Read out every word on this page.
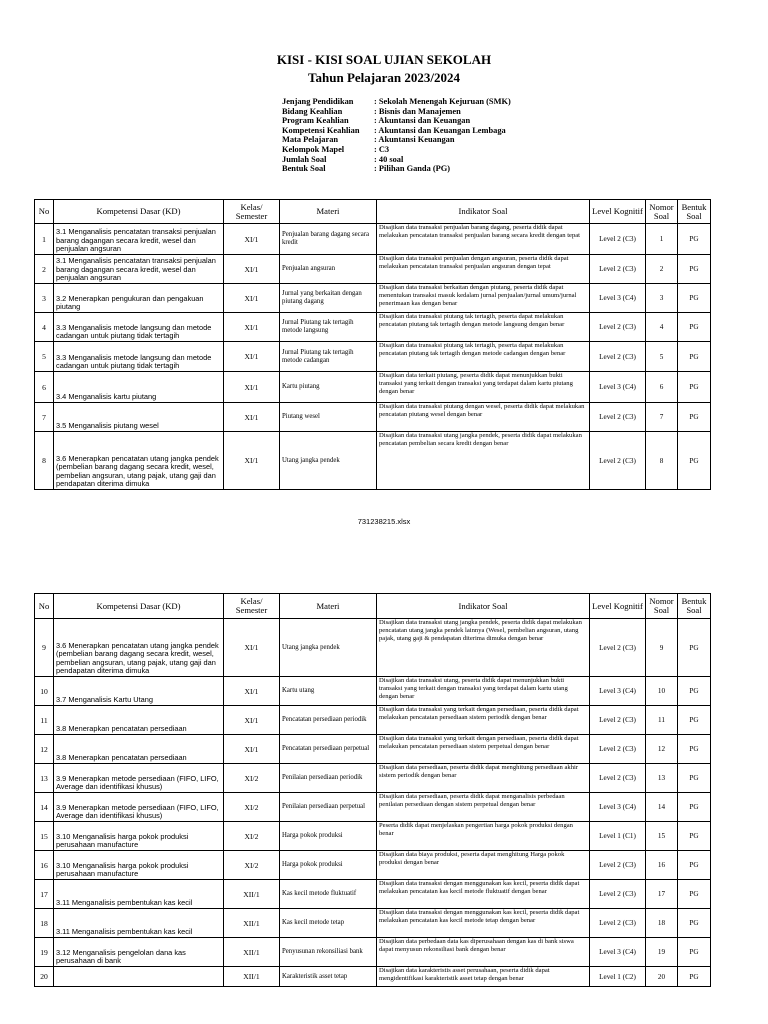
KISI - KISI SOAL UJIAN SEKOLAH
Tahun Pelajaran 2023/2024
Jenjang Pendidikan	: Sekolah Menengah Kejuruan (SMK)
Bidang Keahlian	: Bisnis dan Manajemen
Program Keahlian	: Akuntansi dan Keuangan
Kompetensi Keahlian	: Akuntansi dan Keuangan Lembaga
Mata Pelajaran	: Akuntansi Keuangan
Kelompok Mapel	: C3
Jumlah Soal	: 40 soal
Bentuk Soal	: Pilihan Ganda (PG)
No	Kompetensi Dasar (KD)	Kelas/ Semester	Materi	Indikator Soal	Level Kognitif	Nomor Soal	Bentuk Soal
1	3.1 Menganalisis pencatatan transaksi penjualan barang dagangan secara kredit, wesel dan penjualan angsuran	XI/1	Penjualan barang dagang secara kredit	Disajikan data transaksi penjualan barang dagang, peserta didik dapat melakukan pencatatan transaksi penjualan barang secara kredit dengan tepat	Level 2 (C3)	1	PG
2	3.1 Menganalisis pencatatan transaksi penjualan barang dagangan secara kredit, wesel dan penjualan angsuran	XI/1	Penjualan angsuran	Disajikan data transaksi penjualan dengan angsuran, peserta didik dapat melakukan pencatatan transaksi penjualan angsuran dengan tepat	Level 2 (C3)	2	PG
3	3.2 Menerapkan pengukuran dan pengakuan piutang	XI/1	Jurnal yang berkaitan dengan piutang dagang	Disajikan data transaksi berkaitan dengan piutang, peserta didik dapat menentukan transaksi masuk kedalam jurnal penjualan/jurnal umum/jurnal penerimaan kas dengan benar	Level 3 (C4)	3	PG
4	3.3 Menganalisis metode langsung dan metode cadangan untuk piutang tidak tertagih	XI/1	Jurnal Piutang tak tertagih metode langsung	Disajikan data transaksi piutang tak tertagih, peserta dapat melakukan pencatatan piutang tak tertagih dengan metode langsung dengan benar	Level 2 (C3)	4	PG
5	3.3 Menganalisis metode langsung dan metode cadangan untuk piutang tidak tertagih	XI/1	Jurnal Piutang tak tertagih metode cadangan	Disajikan data transaksi piutang tak tertagih, peserta dapat melakukan pencatatan piutang tak tertagih dengan metode cadangan dengan benar	Level 2 (C3)	5	PG
6	3.4 Menganalisis kartu piutang	XI/1	Kartu piutang	Disajikan data terkait piutang, peserta didik dapat menunjukkan bukti transaksi yang terkait dengan transaksi yang terdapat dalam kartu piutang dengan benar	Level 3 (C4)	6	PG
7	3.5 Menganalisis piutang wesel	XI/1	Piutang wesel	Disajikan data transaksi piutang dengan wesel, peserta didik dapat melakukan pencatatan piutang wesel dengan benar	Level 2 (C3)	7	PG
8	3.6 Menerapkan pencatatan utang jangka pendek (pembelian barang dagang secara kredit, wesel, pembelian angsuran, utang pajak, utang gaji dan pendapatan diterima dimuka	XI/1	Utang jangka pendek	Disajikan data transaksi utang jangka pendek, peserta didik dapat melakukan pencatatan pembelian secara kredit dengan benar	Level 2 (C3)	8	PG
731238215.xlsx
No	Kompetensi Dasar (KD)	Kelas/ Semester	Materi	Indikator Soal	Level Kognitif	Nomor Soal	Bentuk Soal
9	3.6 Menerapkan pencatatan utang jangka pendek (pembelian barang dagang secara kredit, wesel, pembelian angsuran, utang pajak, utang gaji dan pendapatan diterima dimuka	XI/1	Utang jangka pendek	Disajikan data transaksi utang jangka pendek, peserta didik dapat melakukan pencatatan utang jangka pendek lainnya (Wesel, pembelian angsuran, utang pajak, utang gaji & pendapatan diterima dimuka dengan benar	Level 2 (C3)	9	PG
10	3.7 Menganalisis Kartu Utang	XI/1	Kartu utang	Disajikan data transaksi utang, peserta didik dapat menunjukkan bukti transaksi yang terkait dengan transaksi yang terdapat dalam kartu utang dengan benar	Level 3 (C4)	10	PG
11	3.8 Menerapkan pencatatan persediaan	XI/1	Pencatatan persediaan periodik	Disajikan data transaksi yang terkait dengan persediaan, peserta didik dapat melakukan pencatatan persediaan sistem periodik dengan benar	Level 2 (C3)	11	PG
12	3.8 Menerapkan pencatatan persediaan	XI/1	Pencatatan persediaan perpetual	Disajikan data transaksi yang terkait dengan persediaan, peserta didik dapat melakukan pencatatan persediaan sistem perpetual dengan benar	Level 2 (C3)	12	PG
13	3.9 Menerapkan metode persediaan (FIFO, LIFO, Average dan identifikasi khusus)	XI/2	Penilaian persediaan periodik	Disajikan data persediaan, peserta didik dapat menghitung persediaan akhir sistem periodik dengan benar	Level 2 (C3)	13	PG
14	3.9 Menerapkan metode persediaan (FIFO, LIFO, Average dan identifikasi khusus)	XI/2	Penilaian persediaan perpetual	Disajikan data persediaan, peserta didik dapat menganalisis perbedaan penilaian persediaan dengan sistem perpetual dengan benar	Level 3 (C4)	14	PG
15	3.10 Menganalisis harga pokok produksi perusahaan manufacture	XI/2	Harga pokok produksi	Peserta didik dapat menjelaskan pengertian harga pokok produksi dengan benar	Level 1 (C1)	15	PG
16	3.10 Menganalisis harga pokok produksi perusahaan manufacture	XI/2	Harga pokok produksi	Disajikan data biaya produksi, peserta dapat menghitung Harga pokok produksi dengan benar	Level 2 (C3)	16	PG
17	3.11 Menganalisis pembentukan kas kecil	XII/1	Kas kecil metode fluktuatif	Disajikan data transaksi dengan menggunakan kas kecil, peserta didik dapat melakukan pencatatan kas kecil metode fluktuatif dengan benar	Level 2 (C3)	17	PG
18	3.11 Menganalisis pembentukan kas kecil	XII/1	Kas kecil metode tetap	Disajikan data transaksi dengan menggunakan kas kecil, peserta didik dapat melakukan pencatatan kas kecil metode tetap dengan benar	Level 2 (C3)	18	PG
19	3.12 Menganalisis pengelolan dana kas perusahaan di bank	XII/1	Penyusunan rekonsiliasi bank	Disajikan data perbedaan data kas diperusahaan dengan kas di bank siswa dapat menyusun rekonsiliasi bank dengan benar	Level 3 (C4)	19	PG
20		XII/1	Karakteristik asset tetap	Disajikan data karakteristis asset perusahaan, peserta didik dapat mengidentifikasi karakteristik asset tetap dengan benar	Level 1 (C2)	20	PG
